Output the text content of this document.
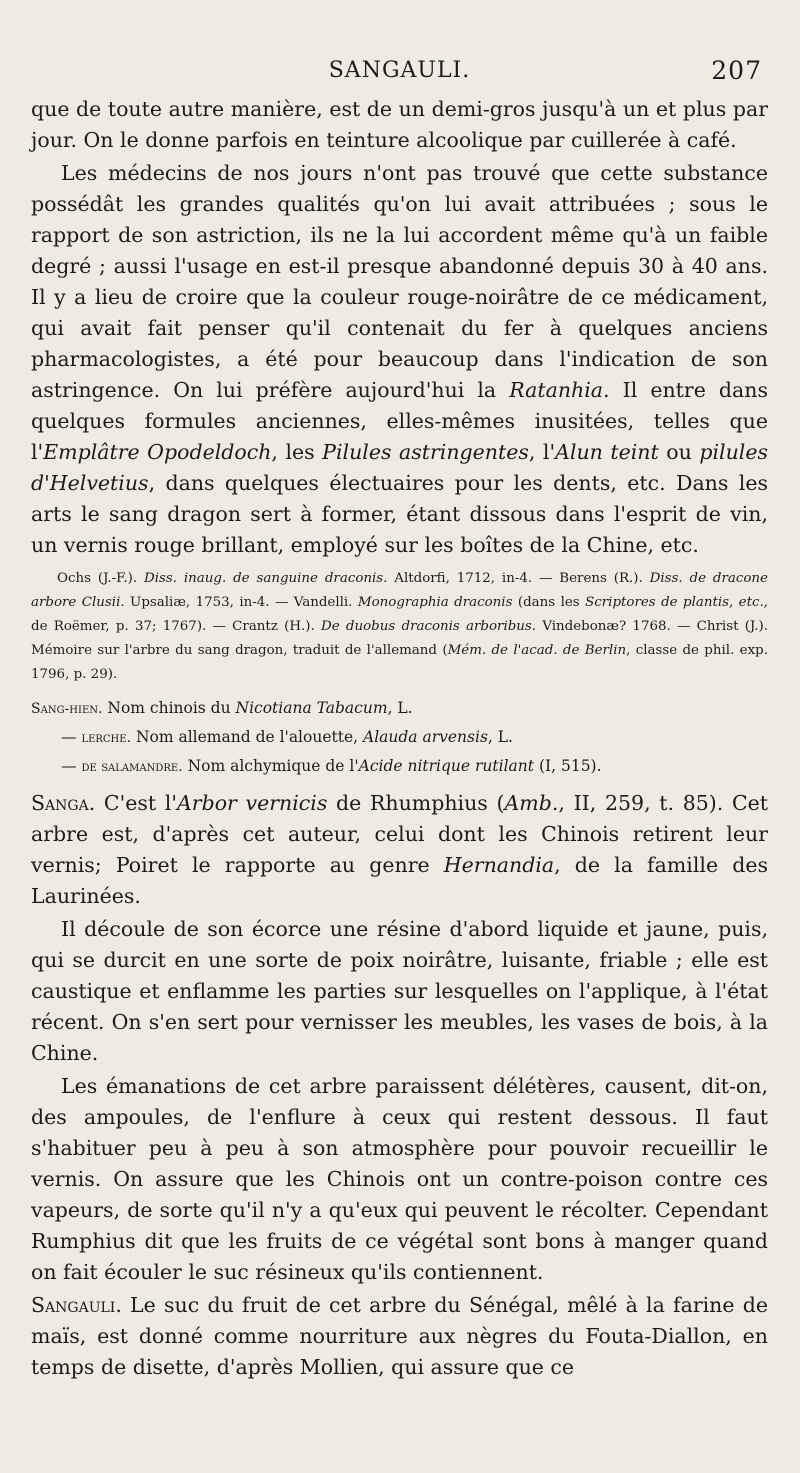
SANGAULI.	207

que de toute autre manière, est de un demi-gros jusqu'à un et plus par jour. On le donne parfois en teinture alcoolique par cuillerée à café.

Les médecins de nos jours n'ont pas trouvé que cette substance possédât les grandes qualités qu'on lui avait attribuées ; sous le rapport de son astriction, ils ne la lui accordent même qu'à un faible degré ; aussi l'usage en est-il presque abandonné depuis 30 à 40 ans. Il y a lieu de croire que la couleur rouge-noirâtre de ce médicament, qui avait fait penser qu'il contenait du fer à quelques anciens pharmacologistes, a été pour beaucoup dans l'indication de son astringence. On lui préfère aujourd'hui la Ratanhia. Il entre dans quelques formules anciennes, elles-mêmes inusitées, telles que l'Emplâtre Opodeldoch, les Pilules astringentes, l'Alun teint ou pilules d'Helvetius, dans quelques électuaires pour les dents, etc. Dans les arts le sang dragon sert à former, étant dissous dans l'esprit de vin, un vernis rouge brillant, employé sur les boîtes de la Chine, etc.

Ochs (J.-F.). Diss. inaug. de sanguine draconis. Altdorfi, 1712, in-4. — Berens (R.). Diss. de dracone arbore Clusii. Upsaliæ, 1753, in-4. — Vandelli. Monographia draconis (dans les Scriptores de plantis, etc., de Roëmer, p. 37; 1767). — Crantz (H.). De duobus draconis arboribus. Vindebonæ? 1768. — Christ (J.). Mémoire sur l'arbre du sang dragon, traduit de l'allemand (Mém. de l'acad. de Berlin, classe de phil. exp. 1796, p. 29).

Sang-hien. Nom chinois du Nicotiana Tabacum, L.

— lerche. Nom allemand de l'alouette, Alauda arvensis, L.

— de salamandre. Nom alchymique de l'Acide nitrique rutilant (I, 515).

Sanga. C'est l'Arbor vernicis de Rhumphius (Amb., II, 259, t. 85). Cet arbre est, d'après cet auteur, celui dont les Chinois retirent leur vernis; Poiret le rapporte au genre Hernandia, de la famille des Laurinées.

Il découle de son écorce une résine d'abord liquide et jaune, puis, qui se durcit en une sorte de poix noirâtre, luisante, friable ; elle est caustique et enflamme les parties sur lesquelles on l'applique, à l'état récent. On s'en sert pour vernisser les meubles, les vases de bois, à la Chine.

Les émanations de cet arbre paraissent délétères, causent, dit-on, des ampoules, de l'enflure à ceux qui restent dessous. Il faut s'habituer peu à peu à son atmosphère pour pouvoir recueillir le vernis. On assure que les Chinois ont un contre-poison contre ces vapeurs, de sorte qu'il n'y a qu'eux qui peuvent le récolter. Cependant Rumphius dit que les fruits de ce végétal sont bons à manger quand on fait écouler le suc résineux qu'ils contiennent.

Sangauli. Le suc du fruit de cet arbre du Sénégal, mêlé à la farine de maïs, est donné comme nourriture aux nègres du Fouta-Diallon, en temps de disette, d'après Mollien, qui assure que ce
